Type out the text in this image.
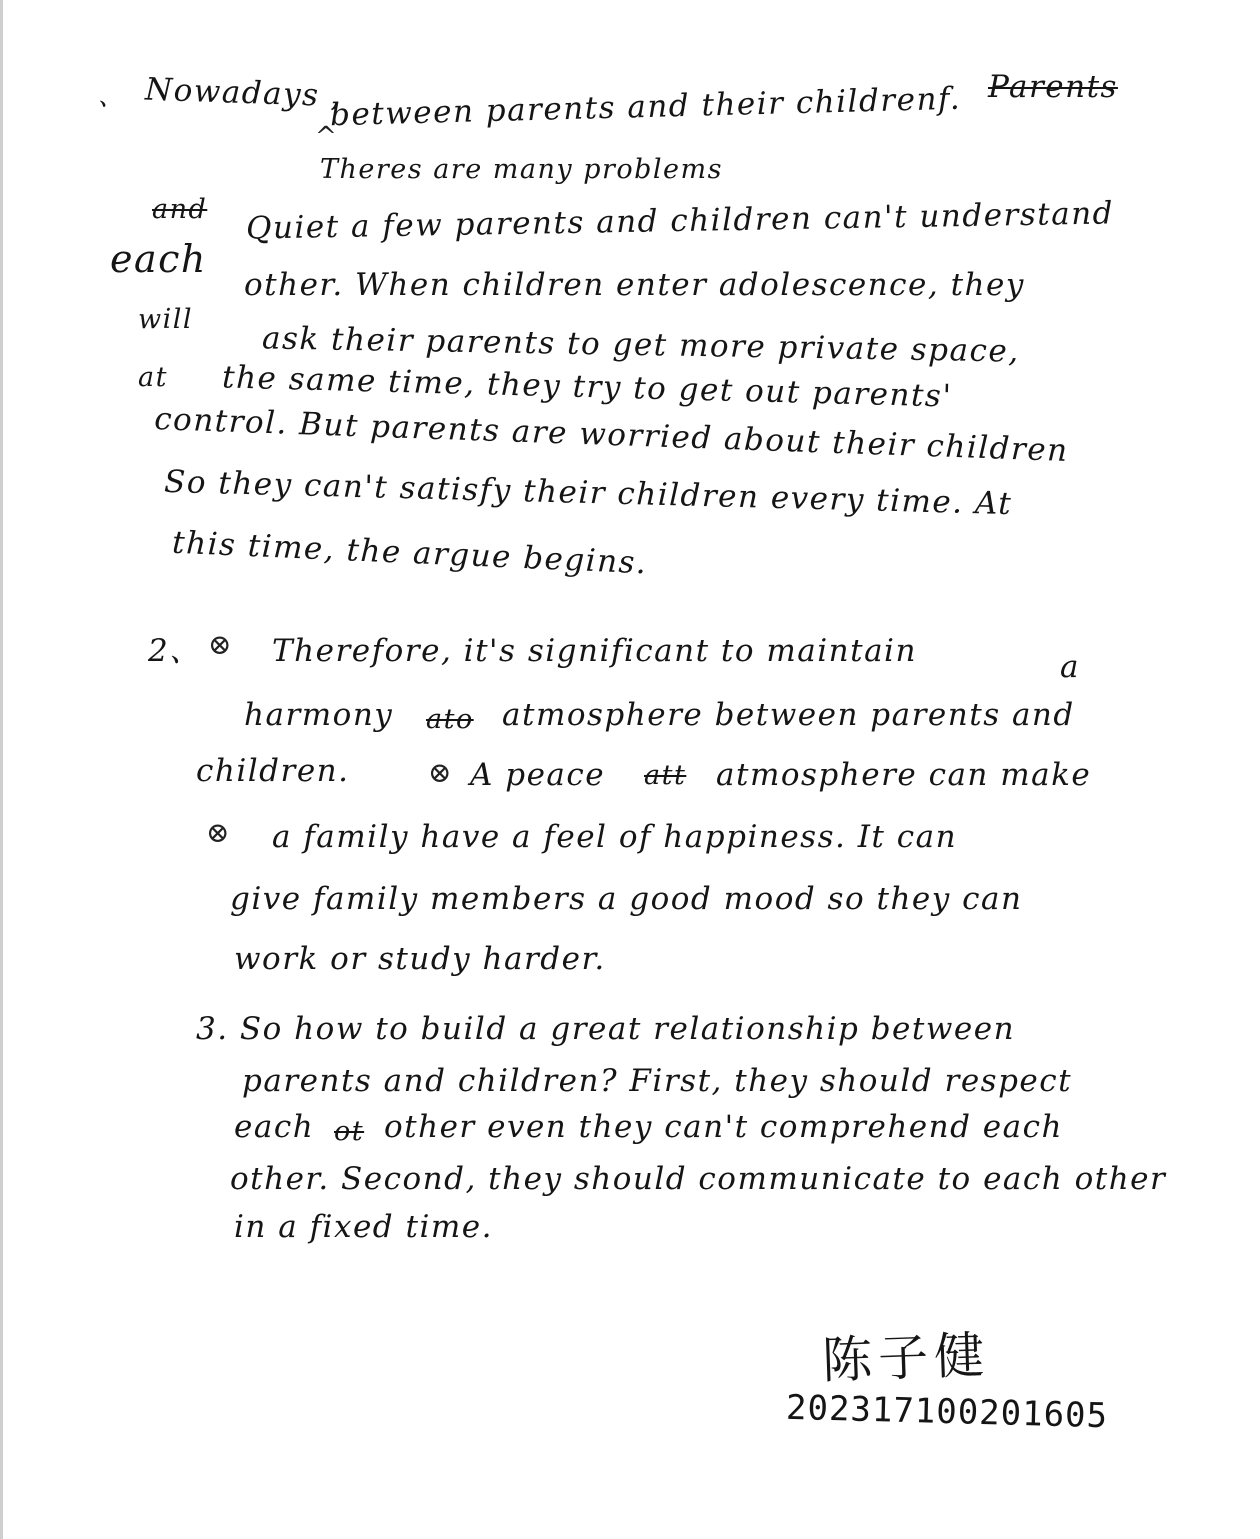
、 Nowadays ,
between parents and their childrenf. Parents
^
Theres are many problems
and
each
Quiet a few parents and children can't understand
other. When children enter adolescence, they
will
ask their parents to get more private space,
at the same time, they try to get out parents'
control. But parents are worried about their children
So they can't satisfy their children every time. At
this time, the argue begins.
2、 ⊗ Therefore, it's significant to maintain	a
harmony ato atmosphere between parents and
children.	⊗ A peace att atmosphere can make
⊗ a family have a feel of happiness. It can
give family members a good mood so they can
work or study harder.
3. So how to build a great relationship between
parents and children? First, they should respect
each ot other even they can't comprehend each
other. Second, they should communicate to each other
in a fixed time.
陈子健
202317100201605
